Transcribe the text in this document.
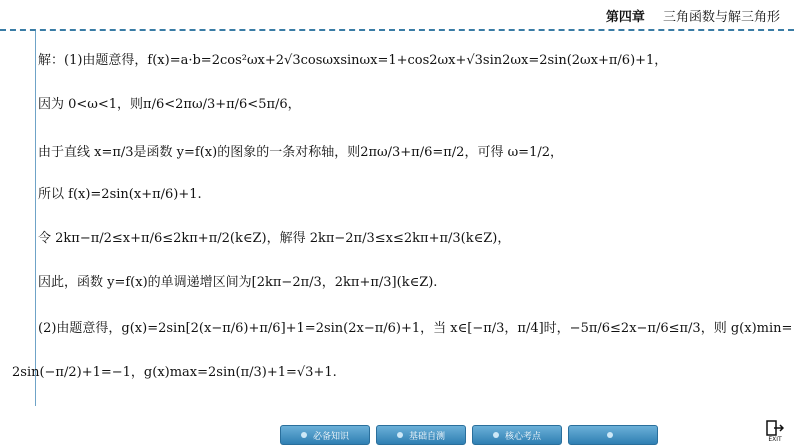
第四章 三角函数与解三角形
解：(1)由题意得，f(x)=a·b=2cos²ωx+2√3cosωxsinωx=1+cos2ωx+√3sin2ωx=2sin(2ωx+π/6)+1，
因为 0<ω<1，则π/6<2πω/3+π/6<5π/6，
由于直线 x=π/3是函数 y=f(x)的图象的一条对称轴，则2πω/3+π/6=π/2，可得 ω=1/2，
所以 f(x)=2sin(x+π/6)+1.
令 2kπ−π/2≤x+π/6≤2kπ+π/2(k∈Z)，解得 2kπ−2π/3≤x≤2kπ+π/3(k∈Z)，
因此，函数 y=f(x)的单调递增区间为[2kπ−2π/3，2kπ+π/3](k∈Z).
(2)由题意得，g(x)=2sin[2(x−π/6)+π/6]+1=2sin(2x−π/6)+1，当 x∈[−π/3，π/4]时，−5π/6≤2x−π/6≤π/3，则 g(x)min=
2sin(−π/2)+1=−1，g(x)max=2sin(π/3)+1=√3+1.
必备知识	基础自测	核心考点	EXIT
